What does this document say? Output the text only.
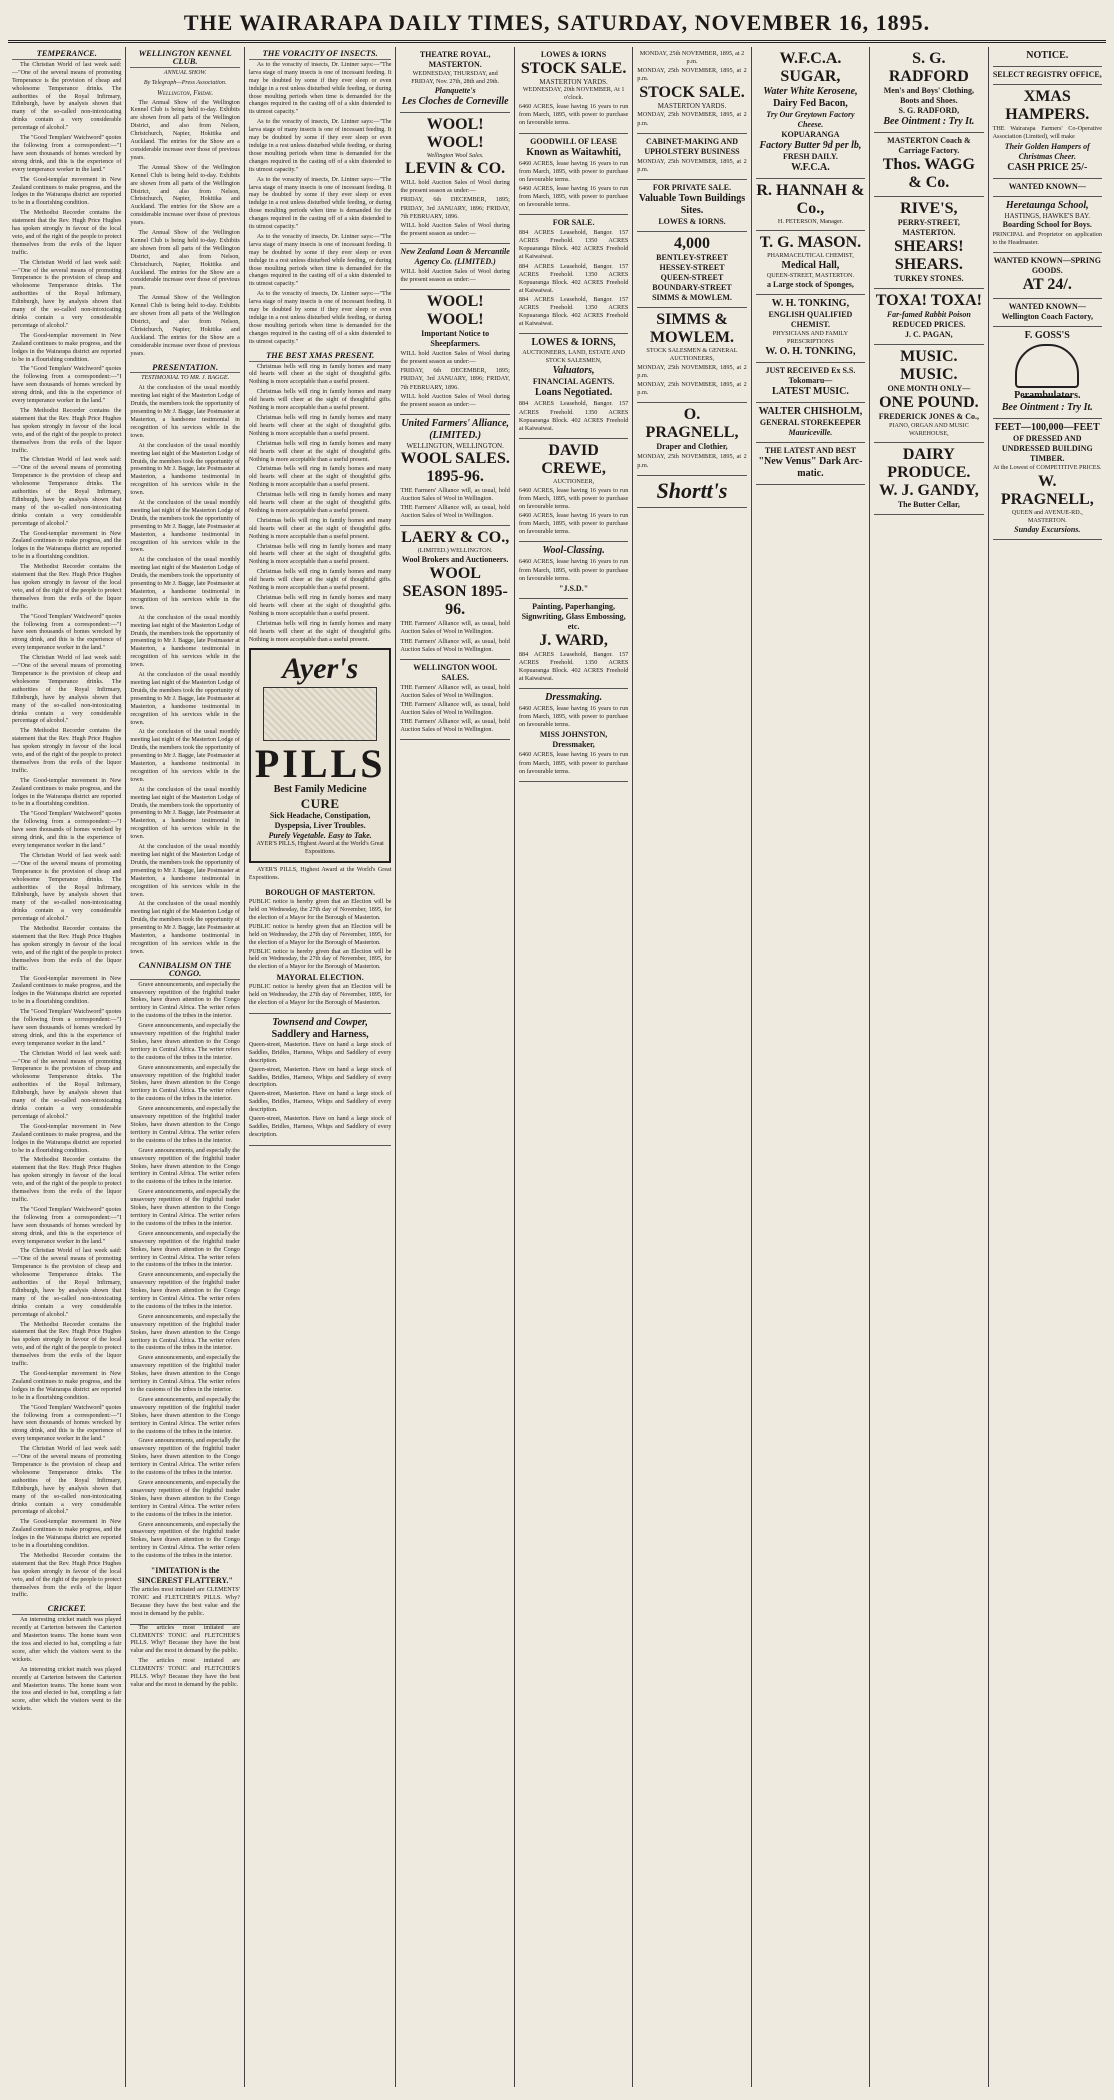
THE WAIRARAPA DAILY TIMES, SATURDAY, NOVEMBER 16, 1895.
TEMPERANCE.

The Christian World of last week said:—"One of the several means of promoting Temperance is the provision of cheap and wholesome Temperance drinks. The authorities of the Royal Infirmary, Edinburgh, have by analysis shown that many of the so-called non-intoxicating drinks contain a very considerable percentage of alcohol."

The "Good Templars' Watchword" quotes the following from a correspondent:—"I have seen thousands of homes wrecked by strong drink, and this is the experience of every temperance worker in the land."

The Good-templar movement in New Zealand continues to make progress, and the lodges in the Wairarapa district are reported to be in a flourishing condition.

The Methodist Recorder contains the statement that the Rev. Hugh Price Hughes has spoken strongly in favour of the local veto, and of the right of the people to protect themselves from the evils of the liquor traffic.

The Christian World of last week said:—"One of the several means of promoting Temperance is the provision of cheap and wholesome Temperance drinks. The authorities of the Royal Infirmary, Edinburgh, have by analysis shown that many of the so-called non-intoxicating drinks contain a very considerable percentage of alcohol."

The Good-templar movement in New Zealand continues to make progress, and the lodges in the Wairarapa district are reported to be in a flourishing condition.

The "Good Templars' Watchword" quotes the following from a correspondent:—"I have seen thousands of homes wrecked by strong drink, and this is the experience of every temperance worker in the land."

The Methodist Recorder contains the statement that the Rev. Hugh Price Hughes has spoken strongly in favour of the local veto, and of the right of the people to protect themselves from the evils of the liquor traffic.

The Christian World of last week said:—"One of the several means of promoting Temperance is the provision of cheap and wholesome Temperance drinks. The authorities of the Royal Infirmary, Edinburgh, have by analysis shown that many of the so-called non-intoxicating drinks contain a very considerable percentage of alcohol."

The Good-templar movement in New Zealand continues to make progress, and the lodges in the Wairarapa district are reported to be in a flourishing condition.

The Methodist Recorder contains the statement that the Rev. Hugh Price Hughes has spoken strongly in favour of the local veto, and of the right of the people to protect themselves from the evils of the liquor traffic.

The "Good Templars' Watchword" quotes the following from a correspondent:—"I have seen thousands of homes wrecked by strong drink, and this is the experience of every temperance worker in the land."

The Christian World of last week said:—"One of the several means of promoting Temperance is the provision of cheap and wholesome Temperance drinks. The authorities of the Royal Infirmary, Edinburgh, have by analysis shown that many of the so-called non-intoxicating drinks contain a very considerable percentage of alcohol."

The Methodist Recorder contains the statement that the Rev. Hugh Price Hughes has spoken strongly in favour of the local veto, and of the right of the people to protect themselves from the evils of the liquor traffic.

The Good-templar movement in New Zealand continues to make progress, and the lodges in the Wairarapa district are reported to be in a flourishing condition.

The "Good Templars' Watchword" quotes the following from a correspondent:—"I have seen thousands of homes wrecked by strong drink, and this is the experience of every temperance worker in the land."

The Christian World of last week said:—"One of the several means of promoting Temperance is the provision of cheap and wholesome Temperance drinks. The authorities of the Royal Infirmary, Edinburgh, have by analysis shown that many of the so-called non-intoxicating drinks contain a very considerable percentage of alcohol."

The Methodist Recorder contains the statement that the Rev. Hugh Price Hughes has spoken strongly in favour of the local veto, and of the right of the people to protect themselves from the evils of the liquor traffic.

The Good-templar movement in New Zealand continues to make progress, and the lodges in the Wairarapa district are reported to be in a flourishing condition.

The "Good Templars' Watchword" quotes the following from a correspondent:—"I have seen thousands of homes wrecked by strong drink, and this is the experience of every temperance worker in the land."

The Christian World of last week said:—"One of the several means of promoting Temperance is the provision of cheap and wholesome Temperance drinks. The authorities of the Royal Infirmary, Edinburgh, have by analysis shown that many of the so-called non-intoxicating drinks contain a very considerable percentage of alcohol."

The Good-templar movement in New Zealand continues to make progress, and the lodges in the Wairarapa district are reported to be in a flourishing condition.

The Methodist Recorder contains the statement that the Rev. Hugh Price Hughes has spoken strongly in favour of the local veto, and of the right of the people to protect themselves from the evils of the liquor traffic.

The "Good Templars' Watchword" quotes the following from a correspondent:—"I have seen thousands of homes wrecked by strong drink, and this is the experience of every temperance worker in the land."

The Christian World of last week said:—"One of the several means of promoting Temperance is the provision of cheap and wholesome Temperance drinks. The authorities of the Royal Infirmary, Edinburgh, have by analysis shown that many of the so-called non-intoxicating drinks contain a very considerable percentage of alcohol."

The Methodist Recorder contains the statement that the Rev. Hugh Price Hughes has spoken strongly in favour of the local veto, and of the right of the people to protect themselves from the evils of the liquor traffic.

The Good-templar movement in New Zealand continues to make progress, and the lodges in the Wairarapa district are reported to be in a flourishing condition.

The "Good Templars' Watchword" quotes the following from a correspondent:—"I have seen thousands of homes wrecked by strong drink, and this is the experience of every temperance worker in the land."

The Christian World of last week said:—"One of the several means of promoting Temperance is the provision of cheap and wholesome Temperance drinks. The authorities of the Royal Infirmary, Edinburgh, have by analysis shown that many of the so-called non-intoxicating drinks contain a very considerable percentage of alcohol."

The Good-templar movement in New Zealand continues to make progress, and the lodges in the Wairarapa district are reported to be in a flourishing condition.

The Methodist Recorder contains the statement that the Rev. Hugh Price Hughes has spoken strongly in favour of the local veto, and of the right of the people to protect themselves from the evils of the liquor traffic.

CRICKET.

An interesting cricket match was played recently at Carterton between the Carterton and Masterton teams. The home team won the toss and elected to bat, compiling a fair score, after which the visitors went to the wickets.

An interesting cricket match was played recently at Carterton between the Carterton and Masterton teams. The home team won the toss and elected to bat, compiling a fair score, after which the visitors went to the wickets.

WELLINGTON KENNEL CLUB.
ANNUAL SHOW.
By Telegraph—Press Association.
Wellington, Friday.

The Annual Show of the Wellington Kennel Club is being held to-day. Exhibits are shown from all parts of the Wellington District, and also from Nelson, Christchurch, Napier, Hokitika and Auckland. The entries for the Show are a considerable increase over those of previous years.

The Annual Show of the Wellington Kennel Club is being held to-day. Exhibits are shown from all parts of the Wellington District, and also from Nelson, Christchurch, Napier, Hokitika and Auckland. The entries for the Show are a considerable increase over those of previous years.

The Annual Show of the Wellington Kennel Club is being held to-day. Exhibits are shown from all parts of the Wellington District, and also from Nelson, Christchurch, Napier, Hokitika and Auckland. The entries for the Show are a considerable increase over those of previous years.

The Annual Show of the Wellington Kennel Club is being held to-day. Exhibits are shown from all parts of the Wellington District, and also from Nelson, Christchurch, Napier, Hokitika and Auckland. The entries for the Show are a considerable increase over those of previous years.

PRESENTATION.
TESTIMONIAL TO MR. J. BAGGE.

At the conclusion of the usual monthly meeting last night of the Masterton Lodge of Druids, the members took the opportunity of presenting to Mr J. Bagge, late Postmaster at Masterton, a handsome testimonial in recognition of his services while in the town.

At the conclusion of the usual monthly meeting last night of the Masterton Lodge of Druids, the members took the opportunity of presenting to Mr J. Bagge, late Postmaster at Masterton, a handsome testimonial in recognition of his services while in the town.

At the conclusion of the usual monthly meeting last night of the Masterton Lodge of Druids, the members took the opportunity of presenting to Mr J. Bagge, late Postmaster at Masterton, a handsome testimonial in recognition of his services while in the town.

At the conclusion of the usual monthly meeting last night of the Masterton Lodge of Druids, the members took the opportunity of presenting to Mr J. Bagge, late Postmaster at Masterton, a handsome testimonial in recognition of his services while in the town.

At the conclusion of the usual monthly meeting last night of the Masterton Lodge of Druids, the members took the opportunity of presenting to Mr J. Bagge, late Postmaster at Masterton, a handsome testimonial in recognition of his services while in the town.

At the conclusion of the usual monthly meeting last night of the Masterton Lodge of Druids, the members took the opportunity of presenting to Mr J. Bagge, late Postmaster at Masterton, a handsome testimonial in recognition of his services while in the town.

At the conclusion of the usual monthly meeting last night of the Masterton Lodge of Druids, the members took the opportunity of presenting to Mr J. Bagge, late Postmaster at Masterton, a handsome testimonial in recognition of his services while in the town.

At the conclusion of the usual monthly meeting last night of the Masterton Lodge of Druids, the members took the opportunity of presenting to Mr J. Bagge, late Postmaster at Masterton, a handsome testimonial in recognition of his services while in the town.

At the conclusion of the usual monthly meeting last night of the Masterton Lodge of Druids, the members took the opportunity of presenting to Mr J. Bagge, late Postmaster at Masterton, a handsome testimonial in recognition of his services while in the town.

At the conclusion of the usual monthly meeting last night of the Masterton Lodge of Druids, the members took the opportunity of presenting to Mr J. Bagge, late Postmaster at Masterton, a handsome testimonial in recognition of his services while in the town.

CANNIBALISM ON THE CONGO.

Grave announcements, and especially the unsavoury repetition of the frightful trader Stokes, have drawn attention to the Congo territory in Central Africa. The writer refers to the customs of the tribes in the interior.

Grave announcements, and especially the unsavoury repetition of the frightful trader Stokes, have drawn attention to the Congo territory in Central Africa. The writer refers to the customs of the tribes in the interior.

Grave announcements, and especially the unsavoury repetition of the frightful trader Stokes, have drawn attention to the Congo territory in Central Africa. The writer refers to the customs of the tribes in the interior.

Grave announcements, and especially the unsavoury repetition of the frightful trader Stokes, have drawn attention to the Congo territory in Central Africa. The writer refers to the customs of the tribes in the interior.

Grave announcements, and especially the unsavoury repetition of the frightful trader Stokes, have drawn attention to the Congo territory in Central Africa. The writer refers to the customs of the tribes in the interior.

Grave announcements, and especially the unsavoury repetition of the frightful trader Stokes, have drawn attention to the Congo territory in Central Africa. The writer refers to the customs of the tribes in the interior.

Grave announcements, and especially the unsavoury repetition of the frightful trader Stokes, have drawn attention to the Congo territory in Central Africa. The writer refers to the customs of the tribes in the interior.

Grave announcements, and especially the unsavoury repetition of the frightful trader Stokes, have drawn attention to the Congo territory in Central Africa. The writer refers to the customs of the tribes in the interior.

Grave announcements, and especially the unsavoury repetition of the frightful trader Stokes, have drawn attention to the Congo territory in Central Africa. The writer refers to the customs of the tribes in the interior.

Grave announcements, and especially the unsavoury repetition of the frightful trader Stokes, have drawn attention to the Congo territory in Central Africa. The writer refers to the customs of the tribes in the interior.

Grave announcements, and especially the unsavoury repetition of the frightful trader Stokes, have drawn attention to the Congo territory in Central Africa. The writer refers to the customs of the tribes in the interior.

Grave announcements, and especially the unsavoury repetition of the frightful trader Stokes, have drawn attention to the Congo territory in Central Africa. The writer refers to the customs of the tribes in the interior.

Grave announcements, and especially the unsavoury repetition of the frightful trader Stokes, have drawn attention to the Congo territory in Central Africa. The writer refers to the customs of the tribes in the interior.

Grave announcements, and especially the unsavoury repetition of the frightful trader Stokes, have drawn attention to the Congo territory in Central Africa. The writer refers to the customs of the tribes in the interior.

"IMITATION is the SINCEREST FLATTERY."

The articles most imitated are CLEMENTS' TONIC and FLETCHER'S PILLS. Why? Because they have the best value and the most in demand by the public.

The articles most imitated are CLEMENTS' TONIC and FLETCHER'S PILLS. Why? Because they have the best value and the most in demand by the public.

The articles most imitated are CLEMENTS' TONIC and FLETCHER'S PILLS. Why? Because they have the best value and the most in demand by the public.

THE VORACITY OF INSECTS.

As to the voracity of insects, Dr. Lintner says:—"The larva stage of many insects is one of incessant feeding. It may be doubted by some if they ever sleep or even indulge in a rest unless disturbed while feeding, or during those moulting periods when time is demanded for the changes required in the casting off of a skin distended to its utmost capacity."

As to the voracity of insects, Dr. Lintner says:—"The larva stage of many insects is one of incessant feeding. It may be doubted by some if they ever sleep or even indulge in a rest unless disturbed while feeding, or during those moulting periods when time is demanded for the changes required in the casting off of a skin distended to its utmost capacity."

As to the voracity of insects, Dr. Lintner says:—"The larva stage of many insects is one of incessant feeding. It may be doubted by some if they ever sleep or even indulge in a rest unless disturbed while feeding, or during those moulting periods when time is demanded for the changes required in the casting off of a skin distended to its utmost capacity."

As to the voracity of insects, Dr. Lintner says:—"The larva stage of many insects is one of incessant feeding. It may be doubted by some if they ever sleep or even indulge in a rest unless disturbed while feeding, or during those moulting periods when time is demanded for the changes required in the casting off of a skin distended to its utmost capacity."

As to the voracity of insects, Dr. Lintner says:—"The larva stage of many insects is one of incessant feeding. It may be doubted by some if they ever sleep or even indulge in a rest unless disturbed while feeding, or during those moulting periods when time is demanded for the changes required in the casting off of a skin distended to its utmost capacity."

THE BEST XMAS PRESENT.

Christmas bells will ring in family homes and many old hearts will cheer at the sight of thoughtful gifts. Nothing is more acceptable than a useful present.

Christmas bells will ring in family homes and many old hearts will cheer at the sight of thoughtful gifts. Nothing is more acceptable than a useful present.

Christmas bells will ring in family homes and many old hearts will cheer at the sight of thoughtful gifts. Nothing is more acceptable than a useful present.

Christmas bells will ring in family homes and many old hearts will cheer at the sight of thoughtful gifts. Nothing is more acceptable than a useful present.

Christmas bells will ring in family homes and many old hearts will cheer at the sight of thoughtful gifts. Nothing is more acceptable than a useful present.

Christmas bells will ring in family homes and many old hearts will cheer at the sight of thoughtful gifts. Nothing is more acceptable than a useful present.

Christmas bells will ring in family homes and many old hearts will cheer at the sight of thoughtful gifts. Nothing is more acceptable than a useful present.

Christmas bells will ring in family homes and many old hearts will cheer at the sight of thoughtful gifts. Nothing is more acceptable than a useful present.

Christmas bells will ring in family homes and many old hearts will cheer at the sight of thoughtful gifts. Nothing is more acceptable than a useful present.

Christmas bells will ring in family homes and many old hearts will cheer at the sight of thoughtful gifts. Nothing is more acceptable than a useful present.

Christmas bells will ring in family homes and many old hearts will cheer at the sight of thoughtful gifts. Nothing is more acceptable than a useful present.

Ayer's
PILLS
Best Family Medicine
CURE
Sick Headache, Constipation, Dyspepsia, Liver Troubles.
Purely Vegetable. Easy to Take.
AYER'S PILLS, Highest Award at the World's Great Expositions.

AYER'S PILLS, Highest Award at the World's Great Expositions.

BOROUGH OF MASTERTON.

PUBLIC notice is hereby given that an Election will be held on Wednesday, the 27th day of November, 1895, for the election of a Mayor for the Borough of Masterton.

PUBLIC notice is hereby given that an Election will be held on Wednesday, the 27th day of November, 1895, for the election of a Mayor for the Borough of Masterton.

PUBLIC notice is hereby given that an Election will be held on Wednesday, the 27th day of November, 1895, for the election of a Mayor for the Borough of Masterton.

MAYORAL ELECTION.

PUBLIC notice is hereby given that an Election will be held on Wednesday, the 27th day of November, 1895, for the election of a Mayor for the Borough of Masterton.

Townsend and Cowper,
Saddlery and Harness,

Queen-street, Masterton. Have on hand a large stock of Saddles, Bridles, Harness, Whips and Saddlery of every description.

Queen-street, Masterton. Have on hand a large stock of Saddles, Bridles, Harness, Whips and Saddlery of every description.

Queen-street, Masterton. Have on hand a large stock of Saddles, Bridles, Harness, Whips and Saddlery of every description.

Queen-street, Masterton. Have on hand a large stock of Saddles, Bridles, Harness, Whips and Saddlery of every description.

THEATRE ROYAL, MASTERTON.
WEDNESDAY, THURSDAY, and FRIDAY, Nov. 27th, 28th and 29th.
Planquette's
Les Cloches de Corneville
WOOL! WOOL!
Wellington Wool Sales.
LEVIN & CO.

WILL hold Auction Sales of Wool during the present season as under:—

FRIDAY, 6th DECEMBER, 1895; FRIDAY, 3rd JANUARY, 1896; FRIDAY, 7th FEBRUARY, 1896.

WILL hold Auction Sales of Wool during the present season as under:—

New Zealand Loan & Mercantile Agency Co. (LIMITED.)

WILL hold Auction Sales of Wool during the present season as under:—

WOOL! WOOL!
Important Notice to Sheepfarmers.

WILL hold Auction Sales of Wool during the present season as under:—

FRIDAY, 6th DECEMBER, 1895; FRIDAY, 3rd JANUARY, 1896; FRIDAY, 7th FEBRUARY, 1896.

WILL hold Auction Sales of Wool during the present season as under:—

United Farmers' Alliance, (LIMITED.)
WELLINGTON, WELLINGTON.
WOOL SALES. 1895-96.

THE Farmers' Alliance will, as usual, hold Auction Sales of Wool in Wellington.

THE Farmers' Alliance will, as usual, hold Auction Sales of Wool in Wellington.

LAERY & CO.,
(LIMITED.) WELLINGTON.
Wool Brokers and Auctioneers.
WOOL SEASON 1895-96.

THE Farmers' Alliance will, as usual, hold Auction Sales of Wool in Wellington.

THE Farmers' Alliance will, as usual, hold Auction Sales of Wool in Wellington.

WELLINGTON WOOL SALES.

THE Farmers' Alliance will, as usual, hold Auction Sales of Wool in Wellington.

THE Farmers' Alliance will, as usual, hold Auction Sales of Wool in Wellington.

THE Farmers' Alliance will, as usual, hold Auction Sales of Wool in Wellington.

LOWES & IORNS
STOCK SALE.
MASTERTON YARDS.
WEDNESDAY, 20th NOVEMBER, At 1 o'clock.

6460 ACRES, lease having 16 years to run from March, 1895, with power to purchase on favourable terms.

GOODWILL OF LEASE
Known as Waitawhiti,

6460 ACRES, lease having 16 years to run from March, 1895, with power to purchase on favourable terms.

6460 ACRES, lease having 16 years to run from March, 1895, with power to purchase on favourable terms.

FOR SALE.

884 ACRES Leasehold, Bangor. 157 ACRES Freehold. 1350 ACRES Kopuaranga Block. 402 ACRES Freehold at Kaiwaiwai.

884 ACRES Leasehold, Bangor. 157 ACRES Freehold. 1350 ACRES Kopuaranga Block. 402 ACRES Freehold at Kaiwaiwai.

884 ACRES Leasehold, Bangor. 157 ACRES Freehold. 1350 ACRES Kopuaranga Block. 402 ACRES Freehold at Kaiwaiwai.

LOWES & IORNS,
AUCTIONEERS, LAND, ESTATE AND STOCK SALESMEN,
Valuators,
FINANCIAL AGENTS.
Loans Negotiated.

884 ACRES Leasehold, Bangor. 157 ACRES Freehold. 1350 ACRES Kopuaranga Block. 402 ACRES Freehold at Kaiwaiwai.

DAVID CREWE,
AUCTIONEER,

6460 ACRES, lease having 16 years to run from March, 1895, with power to purchase on favourable terms.

6460 ACRES, lease having 16 years to run from March, 1895, with power to purchase on favourable terms.

Wool-Classing.

6460 ACRES, lease having 16 years to run from March, 1895, with power to purchase on favourable terms.

"J.S.D."
Painting, Paperhanging, Signwriting, Glass Embossing, etc.
J. WARD,

884 ACRES Leasehold, Bangor. 157 ACRES Freehold. 1350 ACRES Kopuaranga Block. 402 ACRES Freehold at Kaiwaiwai.

Dressmaking.

6460 ACRES, lease having 16 years to run from March, 1895, with power to purchase on favourable terms.

MISS JOHNSTON, Dressmaker,

6460 ACRES, lease having 16 years to run from March, 1895, with power to purchase on favourable terms.

MONDAY, 25th NOVEMBER, 1895, at 2 p.m.

MONDAY, 25th NOVEMBER, 1895, at 2 p.m.

STOCK SALE.
MASTERTON YARDS.

MONDAY, 25th NOVEMBER, 1895, at 2 p.m.

CABINET-MAKING AND UPHOLSTERY BUSINESS

MONDAY, 25th NOVEMBER, 1895, at 2 p.m.

FOR PRIVATE SALE.
Valuable Town Buildings Sites.
LOWES & IORNS.
4,000
BENTLEY-STREET
HESSEY-STREET
QUEEN-STREET
BOUNDARY-STREET
SIMMS & MOWLEM.
SIMMS &
MOWLEM.
STOCK SALESMEN & GENERAL AUCTIONEERS,

MONDAY, 25th NOVEMBER, 1895, at 2 p.m.

MONDAY, 25th NOVEMBER, 1895, at 2 p.m.

O. PRAGNELL,
Draper and Clothier,

MONDAY, 25th NOVEMBER, 1895, at 2 p.m.

Shortt's
W.F.C.A.
SUGAR,
Water White Kerosene,
Dairy Fed Bacon,
Try Our Greytown Factory Cheese.
KOPUARANGA
Factory Butter 9d per lb,
FRESH DAILY.
W.F.C.A.
R. HANNAH & Co.,
H. PETERSON, Manager.
T. G. MASON.
PHARMACEUTICAL CHEMIST,
Medical Hall,
QUEEN-STREET, MASTERTON.
a Large stock of Sponges,
W. H. TONKING,
ENGLISH QUALIFIED CHEMIST.
PHYSICIANS AND FAMILY PRESCRIPTIONS
W. O. H. TONKING,
JUST RECEIVED Ex S.S. Tokomaru—
LATEST MUSIC.
WALTER CHISHOLM,
GENERAL STOREKEEPER
Mauriceville.
THE LATEST AND BEST
"New Venus" Dark Arc-matic.
S. G. RADFORD
Men's and Boys' Clothing,
Boots and Shoes.
S. G. RADFORD,
Bee Ointment : Try It.
MASTERTON Coach & Carriage Factory.
Thos. WAGG & Co.
RIVE'S,
PERRY-STREET, MASTERTON.
SHEARS!
SHEARS.
TURKEY STONES.
TOXA! TOXA!
Far-famed Rabbit Poison
REDUCED PRICES.
J. C. PAGAN,
MUSIC. MUSIC.
ONE MONTH ONLY—
ONE POUND.
FREDERICK JONES & Co.,
PIANO, ORGAN AND MUSIC WAREHOUSE,
DAIRY PRODUCE.
W. J. GANDY,
The Butter Cellar,
NOTICE.
SELECT REGISTRY OFFICE,
XMAS HAMPERS.

THE Wairarapa Farmers' Co-Operative Association (Limited), will make

Their Golden Hampers of Christmas Cheer.
CASH PRICE 25/-
WANTED KNOWN—
Heretaunga School,
HASTINGS, HAWKE'S BAY.
Boarding School for Boys.

PRINCIPAL and Proprietor on application to the Headmaster.

WANTED KNOWN—SPRING GOODS.
AT 24/.
WANTED KNOWN—
Wellington Coach Factory,
F. GOSS'S
Perambulators.
Bee Ointment : Try It.
FEET—100,000—FEET
OF DRESSED AND UNDRESSED BUILDING TIMBER.
At the Lowest of COMPETITIVE PRICES.
W. PRAGNELL,
QUEEN and AVENUE-RD., MASTERTON.
Sunday Excursions.
